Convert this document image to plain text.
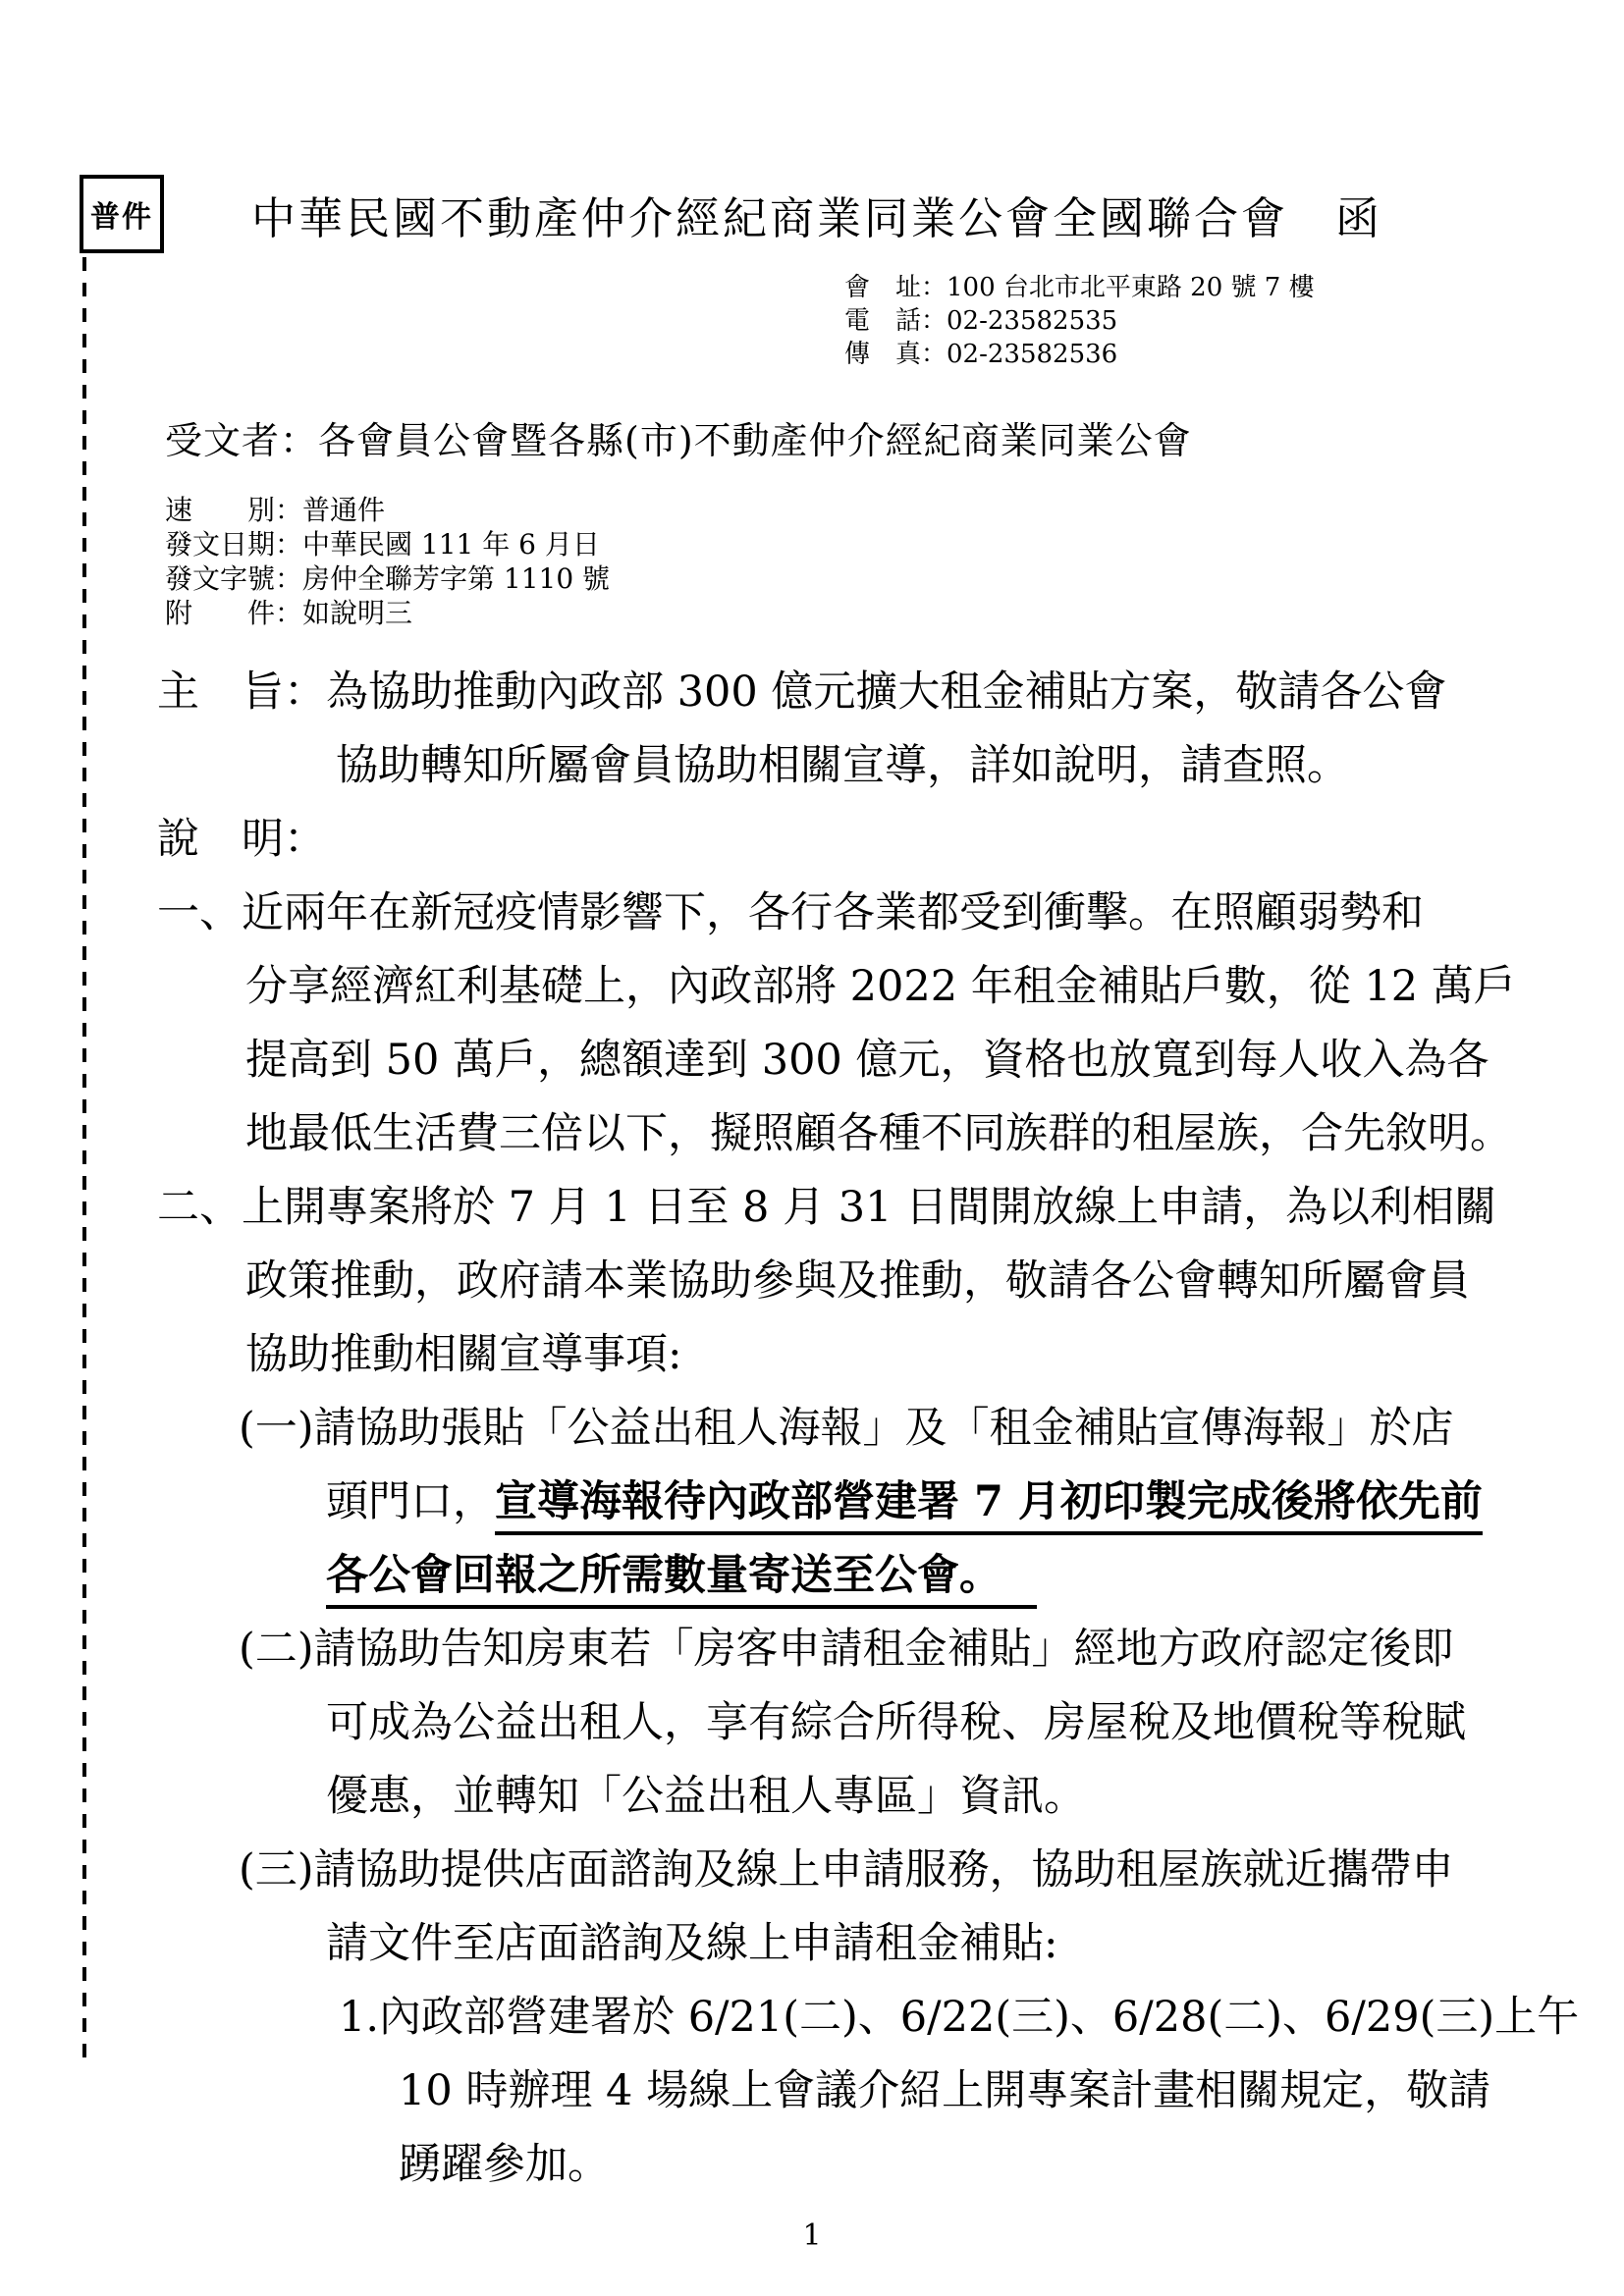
普件 中華民國不動產仲介經紀商業同業公會全國聯合會　函
會　址：100 台北市北平東路 20 號 7 樓
電　話：02-23582535
傳　真：02-23582536
受文者：各會員公會暨各縣(市)不動產仲介經紀商業同業公會
速　　別：普通件
發文日期：中華民國 111 年 6 月日
發文字號：房仲全聯芳字第 1110 號
附　　件：如說明三
主　旨：為協助推動內政部 300 億元擴大租金補貼方案，敬請各公會
協助轉知所屬會員協助相關宣導，詳如說明，請查照。
說　明：
一、近兩年在新冠疫情影響下，各行各業都受到衝擊。在照顧弱勢和
分享經濟紅利基礎上，內政部將 2022 年租金補貼戶數，從 12 萬戶
提高到 50 萬戶，總額達到 300 億元，資格也放寬到每人收入為各
地最低生活費三倍以下，擬照顧各種不同族群的租屋族，合先敘明。
二、上開專案將於 7 月 1 日至 8 月 31 日間開放線上申請，為以利相關
政策推動，政府請本業協助參與及推動，敬請各公會轉知所屬會員
協助推動相關宣導事項:
(一)請協助張貼「公益出租人海報」及「租金補貼宣傳海報」於店
頭門口，宣導海報待內政部營建署 7 月初印製完成後將依先前
各公會回報之所需數量寄送至公會。
(二)請協助告知房東若「房客申請租金補貼」經地方政府認定後即
可成為公益出租人，享有綜合所得稅、房屋稅及地價稅等稅賦
優惠，並轉知「公益出租人專區」資訊。
(三)請協助提供店面諮詢及線上申請服務，協助租屋族就近攜帶申
請文件至店面諮詢及線上申請租金補貼:
1.內政部營建署於 6/21(二)、6/22(三)、6/28(二)、6/29(三)上午
10 時辦理 4 場線上會議介紹上開專案計畫相關規定，敬請
踴躍參加。
1
